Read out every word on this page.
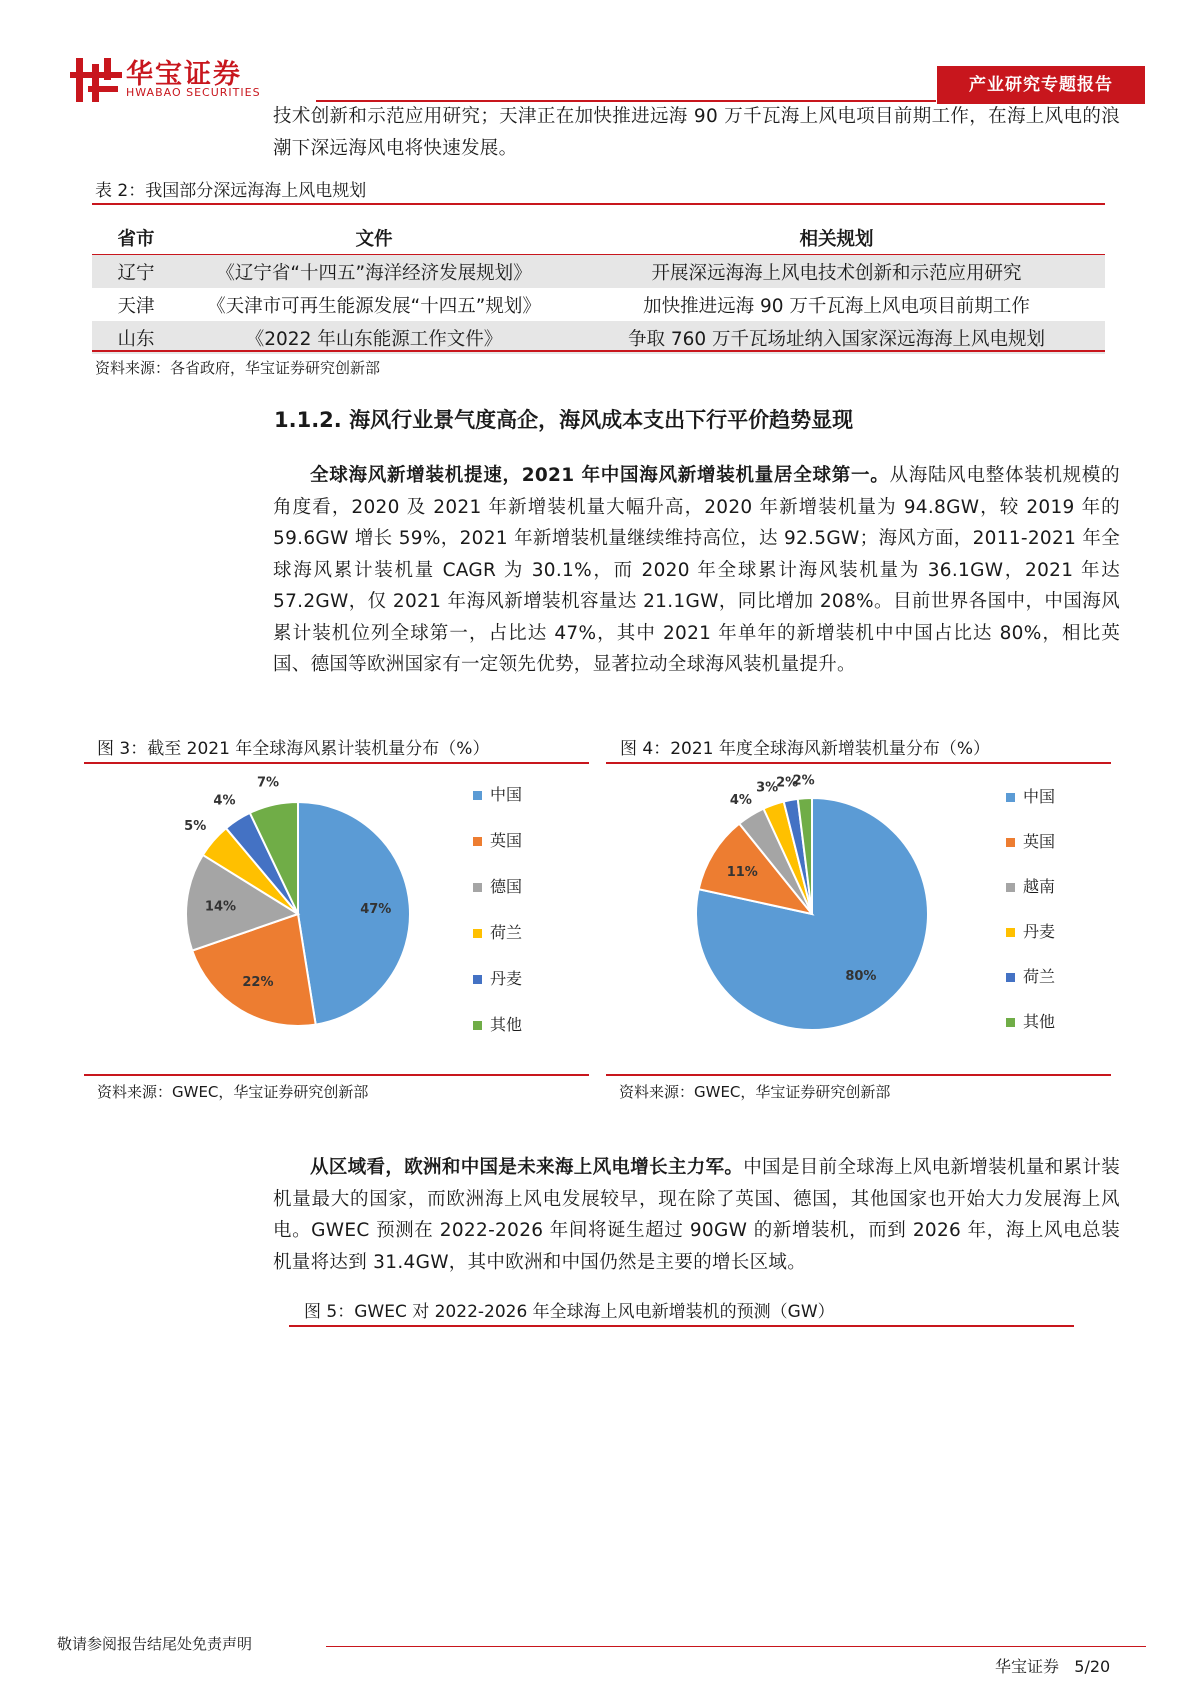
华宝证券
HWABAO SECURITIES	产业研究专题报告
技术创新和示范应用研究；天津正在加快推进远海 90 万千瓦海上风电项目前期工作，在海上风电的浪潮下深远海风电将快速发展。
表 2：我国部分深远海海上风电规划
省市	文件	相关规划
辽宁	《辽宁省“十四五”海洋经济发展规划》	开展深远海海上风电技术创新和示范应用研究
天津	《天津市可再生能源发展“十四五”规划》	加快推进远海 90 万千瓦海上风电项目前期工作
山东	《2022 年山东能源工作文件》	争取 760 万千瓦场址纳入国家深远海海上风电规划
资料来源：各省政府，华宝证券研究创新部
1.1.2. 海风行业景气度高企，海风成本支出下行平价趋势显现
全球海风新增装机提速，2021 年中国海风新增装机量居全球第一。从海陆风电整体装机规模的角度看，2020 及 2021 年新增装机量大幅升高，2020 年新增装机量为 94.8GW，较 2019 年的 59.6GW 增长 59%，2021 年新增装机量继续维持高位，达 92.5GW；海风方面，2011-2021 年全球海风累计装机量 CAGR 为 30.1%，而 2020 年全球累计海风装机量为 36.1GW，2021 年达 57.2GW，仅 2021 年海风新增装机容量达 21.1GW，同比增加 208%。目前世界各国中，中国海风累计装机位列全球第一，占比达 47%，其中 2021 年单年的新增装机中中国占比达 80%，相比英国、德国等欧洲国家有一定领先优势，显著拉动全球海风装机量提升。
图 3：截至 2021 年全球海风累计装机量分布（%）
47%
22%
14%
5%
4%
7%
中国
英国
德国
荷兰
丹麦
其他
资料来源：GWEC，华宝证券研究创新部
图 4：2021 年度全球海风新增装机量分布（%）
80%
11%
4%
3%
2%
2%
中国
英国
越南
丹麦
荷兰
其他
资料来源：GWEC，华宝证券研究创新部
从区域看，欧洲和中国是未来海上风电增长主力军。中国是目前全球海上风电新增装机量和累计装机量最大的国家，而欧洲海上风电发展较早，现在除了英国、德国，其他国家也开始大力发展海上风电。GWEC 预测在 2022-2026 年间将诞生超过 90GW 的新增装机，而到 2026 年，海上风电总装机量将达到 31.4GW，其中欧洲和中国仍然是主要的增长区域。
图 5：GWEC 对 2022-2026 年全球海上风电新增装机的预测（GW）
敬请参阅报告结尾处免责声明
华宝证券 5/20
